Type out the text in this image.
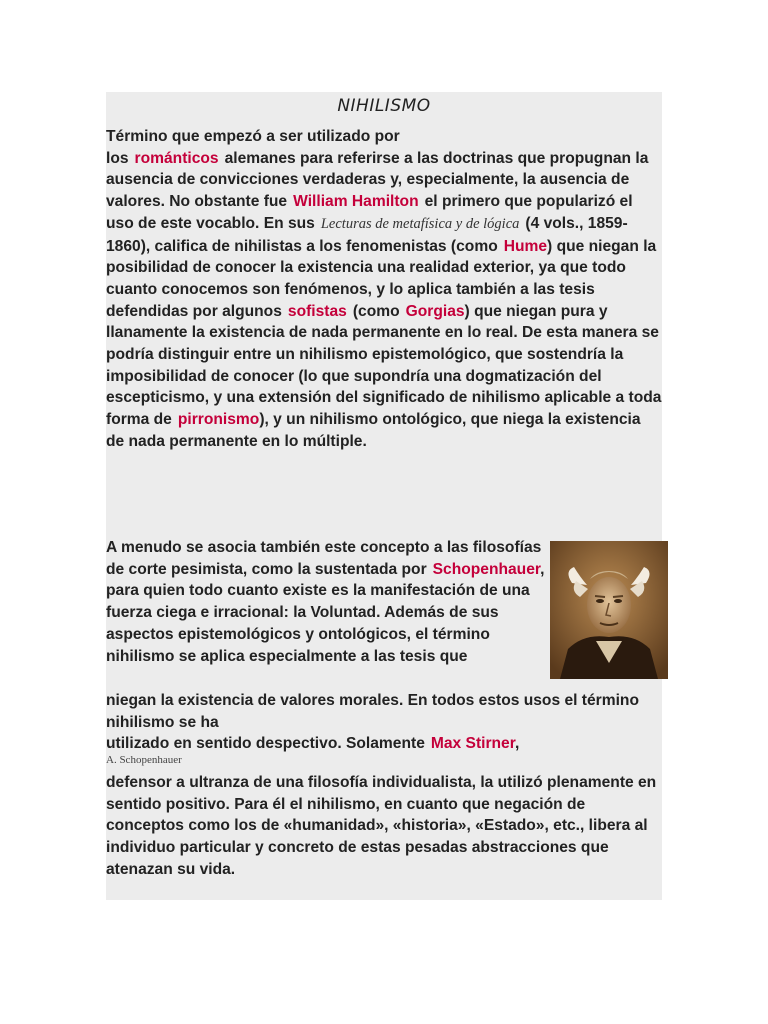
NIHILISMO
Término que empezó a ser utilizado por
los románticos alemanes para referirse a las doctrinas que propugnan la ausencia de convicciones verdaderas y, especialmente, la ausencia de valores. No obstante fue William Hamilton el primero que popularizó el uso de este vocablo. En sus Lecturas de metafísica y de lógica (4 vols., 1859-1860), califica de nihilistas a los fenomenistas (como Hume) que niegan la posibilidad de conocer la existencia una realidad exterior, ya que todo cuanto conocemos son fenómenos, y lo aplica también a las tesis defendidas por algunos sofistas (como Gorgias) que niegan pura y llanamente la existencia de nada permanente en lo real. De esta manera se podría distinguir entre un nihilismo epistemológico, que sostendría la imposibilidad de conocer (lo que supondría una dogmatización del escepticismo, y una extensión del significado de nihilismo aplicable a toda forma de pirronismo), y un nihilismo ontológico, que niega la existencia de nada permanente en lo múltiple.
A menudo se asocia también este concepto a las filosofías de corte pesimista, como la sustentada por Schopenhauer, para quien todo cuanto existe es la manifestación de una fuerza ciega e irracional: la Voluntad. Además de sus aspectos epistemológicos y ontológicos, el término nihilismo se aplica especialmente a las tesis que
niegan la existencia de valores morales. En todos estos usos el término nihilismo se ha
utilizado en sentido despectivo. Solamente Max Stirner,
A. Schopenhauer
defensor a ultranza de una filosofía individualista, la utilizó plenamente en sentido positivo. Para él el nihilismo, en cuanto que negación de conceptos como los de «humanidad», «historia», «Estado», etc., libera al individuo particular y concreto de estas pesadas abstracciones que atenazan su vida.
